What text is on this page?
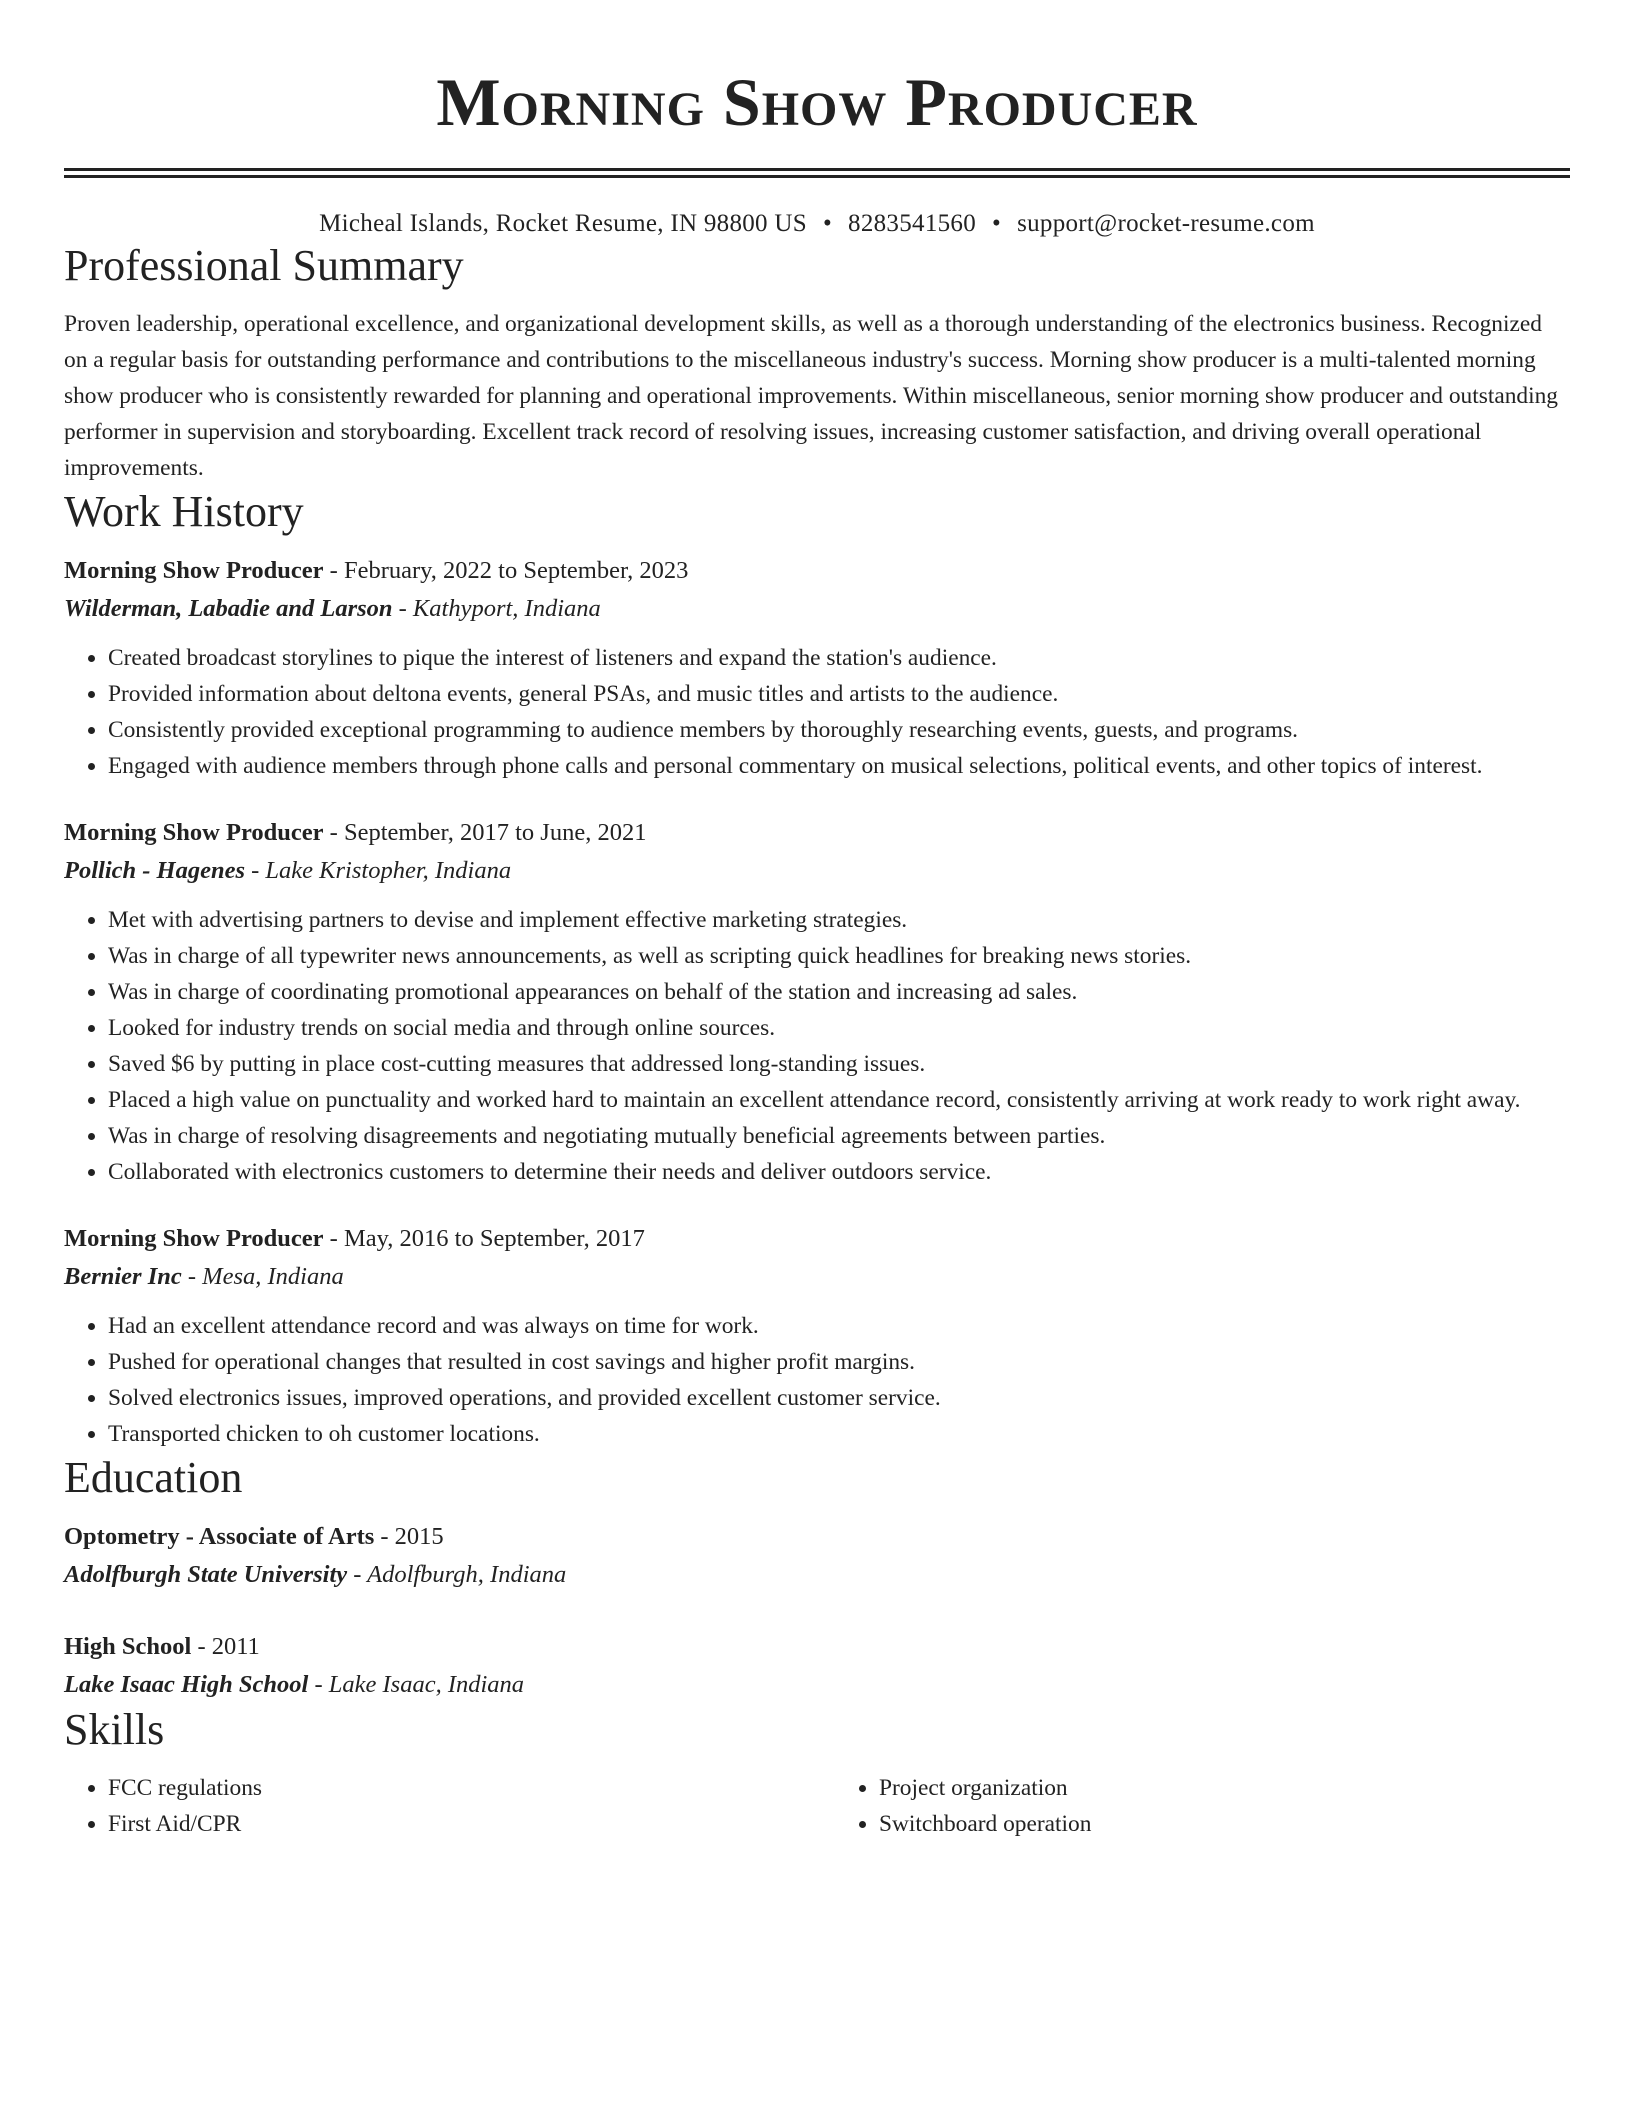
Morning Show Producer
Micheal Islands, Rocket Resume, IN 98800 US • 8283541560 • support@rocket-resume.com
Professional Summary

Proven leadership, operational excellence, and organizational development skills, as well as a thorough understanding of the electronics business. Recognized on a regular basis for outstanding performance and contributions to the miscellaneous industry's success. Morning show producer is a multi-talented morning show producer who is consistently rewarded for planning and operational improvements. Within miscellaneous, senior morning show producer and outstanding performer in supervision and storyboarding. Excellent track record of resolving issues, increasing customer satisfaction, and driving overall operational improvements.

Work History
Morning Show Producer - February, 2022 to September, 2023
Wilderman, Labadie and Larson - Kathyport, Indiana
• Created broadcast storylines to pique the interest of listeners and expand the station's audience.
• Provided information about deltona events, general PSAs, and music titles and artists to the audience.
• Consistently provided exceptional programming to audience members by thoroughly researching events, guests, and programs.
• Engaged with audience members through phone calls and personal commentary on musical selections, political events, and other topics of interest.
Morning Show Producer - September, 2017 to June, 2021
Pollich - Hagenes - Lake Kristopher, Indiana
• Met with advertising partners to devise and implement effective marketing strategies.
• Was in charge of all typewriter news announcements, as well as scripting quick headlines for breaking news stories.
• Was in charge of coordinating promotional appearances on behalf of the station and increasing ad sales.
• Looked for industry trends on social media and through online sources.
• Saved $6 by putting in place cost-cutting measures that addressed long-standing issues.
• Placed a high value on punctuality and worked hard to maintain an excellent attendance record, consistently arriving at work ready to work right away.
• Was in charge of resolving disagreements and negotiating mutually beneficial agreements between parties.
• Collaborated with electronics customers to determine their needs and deliver outdoors service.
Morning Show Producer - May, 2016 to September, 2017
Bernier Inc - Mesa, Indiana
• Had an excellent attendance record and was always on time for work.
• Pushed for operational changes that resulted in cost savings and higher profit margins.
• Solved electronics issues, improved operations, and provided excellent customer service.
• Transported chicken to oh customer locations.
Education
Optometry - Associate of Arts - 2015
Adolfburgh State University - Adolfburgh, Indiana
High School - 2011
Lake Isaac High School - Lake Isaac, Indiana
Skills
• FCC regulations
• First Aid/CPR
• Project organization
• Switchboard operation
